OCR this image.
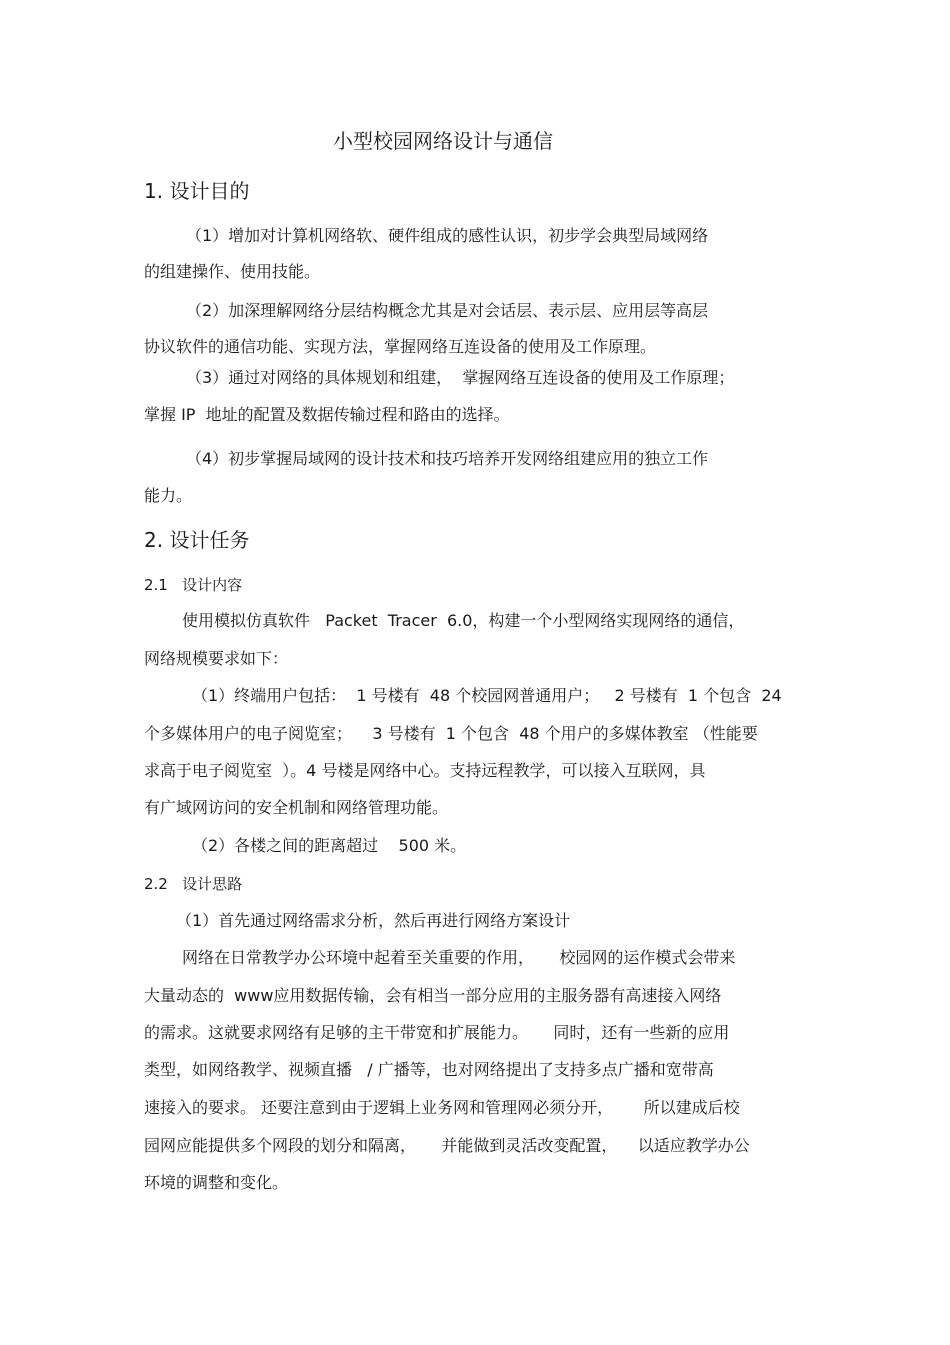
小型校园网络设计与通信
1. 设计目的
（1）增加对计算机网络软、硬件组成的感性认识，初步学会典型局域网络
的组建操作、使用技能。
（2）加深理解网络分层结构概念尤其是对会话层、表示层、应用层等高层
协议软件的通信功能、实现方法，掌握网络互连设备的使用及工作原理。
（3）通过对网络的具体规划和组建，  掌握网络互连设备的使用及工作原理；
掌握 IP  地址的配置及数据传输过程和路由的选择。
（4）初步掌握局域网的设计技术和技巧培养开发网络组建应用的独立工作
能力。
2. 设计任务
2.1   设计内容
使用模拟仿真软件   Packet  Tracer  6.0，构建一个小型网络实现网络的通信，
网络规模要求如下：
（1）终端用户包括：  1 号楼有  48 个校园网普通用户；   2 号楼有  1 个包含  24
个多媒体用户的电子阅览室；    3 号楼有  1 个包含  48 个用户的多媒体教室 （性能要
求高于电子阅览室  ）。4 号楼是网络中心。支持远程教学，可以接入互联网，具
有广域网访问的安全机制和网络管理功能。
（2）各楼之间的距离超过    500 米。
2.2   设计思路
（1）首先通过网络需求分析，然后再进行网络方案设计
网络在日常教学办公环境中起着至关重要的作用，     校园网的运作模式会带来
大量动态的  www应用数据传输，会有相当一部分应用的主服务器有高速接入网络
的需求。这就要求网络有足够的主干带宽和扩展能力。     同时，还有一些新的应用
类型，如网络教学、视频直播   / 广播等，也对网络提出了支持多点广播和宽带高
速接入的要求。 还要注意到由于逻辑上业务网和管理网必须分开，      所以建成后校
园网应能提供多个网段的划分和隔离，     并能做到灵活改变配置，    以适应教学办公
环境的调整和变化。
